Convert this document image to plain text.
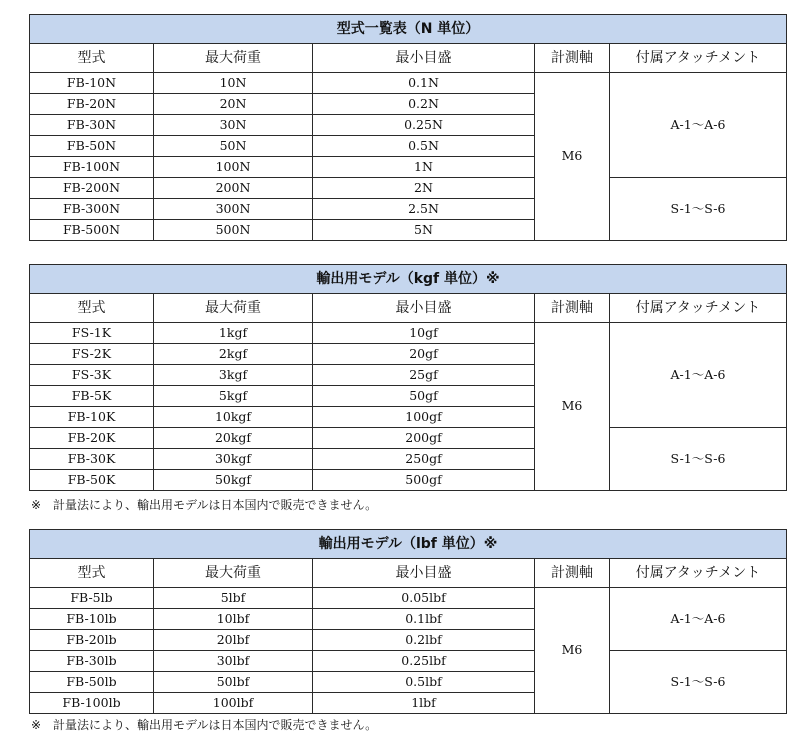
型式一覧表（N 単位）				
型式	最大荷重	最小目盛	計測軸	付属アタッチメント
FB-10N	10N	0.1N	M6	A-1～A-6
FB-20N	20N	0.2N		
FB-30N	30N	0.25N		
FB-50N	50N	0.5N		
FB-100N	100N	1N		
FB-200N	200N	2N		S-1～S-6
FB-300N	300N	2.5N		
FB-500N	500N	5N		
輸出用モデル（kgf 単位）※				
型式	最大荷重	最小目盛	計測軸	付属アタッチメント
FS-1K	1kgf	10gf	M6	A-1～A-6
FS-2K	2kgf	20gf		
FS-3K	3kgf	25gf		
FB-5K	5kgf	50gf		
FB-10K	10kgf	100gf		
FB-20K	20kgf	200gf		S-1～S-6
FB-30K	30kgf	250gf		
FB-50K	50kgf	500gf		
※　計量法により、輸出用モデルは日本国内で販売できません。
輸出用モデル（lbf 単位）※				
型式	最大荷重	最小目盛	計測軸	付属アタッチメント
FB-5lb	5lbf	0.05lbf	M6	A-1～A-6
FB-10lb	10lbf	0.1lbf		
FB-20lb	20lbf	0.2lbf		
FB-30lb	30lbf	0.25lbf		S-1～S-6
FB-50lb	50lbf	0.5lbf		
FB-100lb	100lbf	1lbf		
※　計量法により、輸出用モデルは日本国内で販売できません。
